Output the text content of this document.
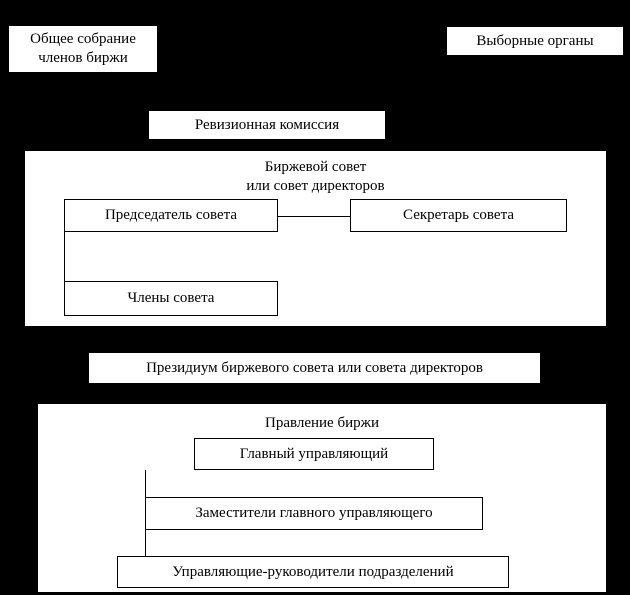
Общее собрание
членов биржи
Выборные органы
Ревизионная комиссия
Биржевой совет
или совет директоров
Председатель совета	Секретарь совета
Члены совета
Президиум биржевого совета или совета директоров
Правление биржи
Главный управляющий
Заместители главного управляющего
Управляющие-руководители подразделений
